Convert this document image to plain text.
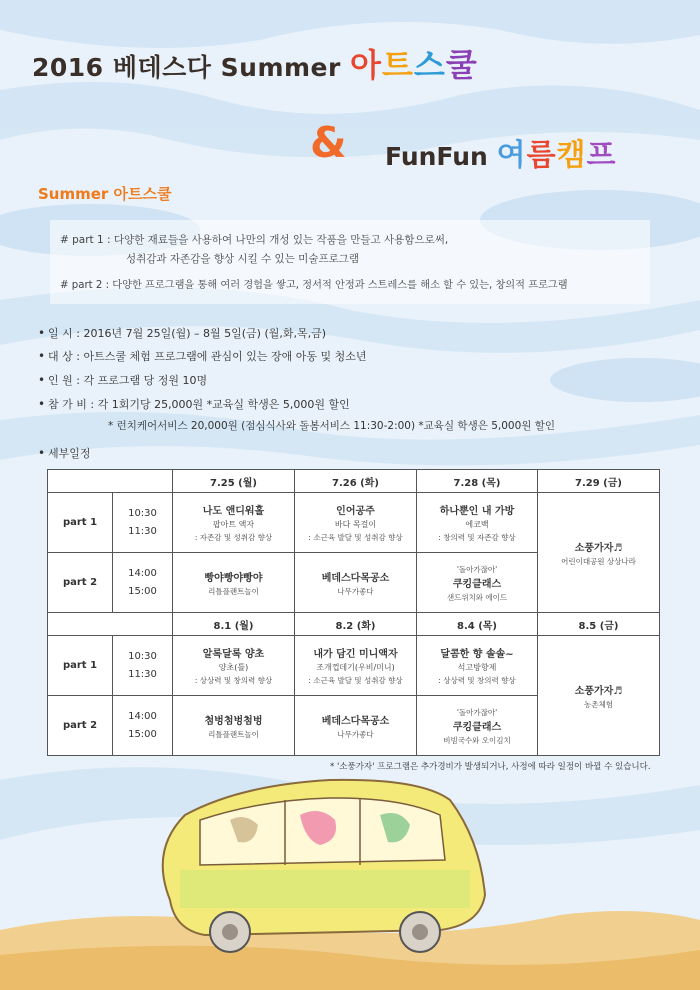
2016 베데스다 Summer 아트스쿨
& FunFun 여름캠프
Summer 아트스쿨
# part 1 : 다양한 재료들을 사용하여 나만의 개성 있는 작품을 만들고 사용함으로써,
성취감과 자존감을 향상 시킬 수 있는 미술프로그램
# part 2 : 다양한 프로그램을 통해 여러 경험을 쌓고, 정서적 안정과 스트레스를 해소 할 수 있는, 창의적 프로그램
• 일 시 : 2016년 7월 25일(월) – 8월 5일(금) (월,화,목,금)
• 대 상 : 아트스쿨 체험 프로그램에 관심이 있는 장애 아동 및 청소년
• 인 원 : 각 프로그램 당 정원 10명
• 참 가 비 : 각 1회기당 25,000원 *교육실 학생은 5,000원 할인
* 런치케어서비스 20,000원 (점심식사와 돌봄서비스 11:30-2:00) *교육실 학생은 5,000원 할인
• 세부일정
		7.25 (월)	7.26 (화)	7.28 (목)	7.29 (금)
part 1	10:30
11:30	나도 앤디워홀
팝아트 액자
: 자존감 및 성취감 향상	인어공주
바다 목걸이
: 소근육 발달 및 성취감 향상	하나뿐인 내 가방
에코백
: 창의력 및 자존감 향상	소풍가자♬
어린이대공원 상상나라

part 2	14:00
15:00	빵야빵야빵야
리틀플랜트놀이	베데스다목공소
나무가좋다	'돌아가잖아'
쿠킹클래스
샌드위치와 에이드	

		8.1 (월)	8.2 (화)	8.4 (목)	8.5 (금)
part 1	10:30
11:30	알록달록 양초
양초(틀)
: 상상력 및 창의력 향상	내가 담긴 미니액자
조개껍데기(우비/미니)
: 소근육 발달 및 성취감 향상	달콤한 향 솔솔~
석고방향제
: 상상력 및 창의력 향상	소풍가자♬
농촌체험

part 2	14:00
15:00	첨벙첨벙첨벙
리틀플랜트놀이	베데스다목공소
나무가좋다	'돌아가잖아'
쿠킹클래스
비빔국수와 오이김치	
* '소풍가자' 프로그램은 추가경비가 발생되거나, 사정에 따라 일정이 바뀔 수 있습니다.
